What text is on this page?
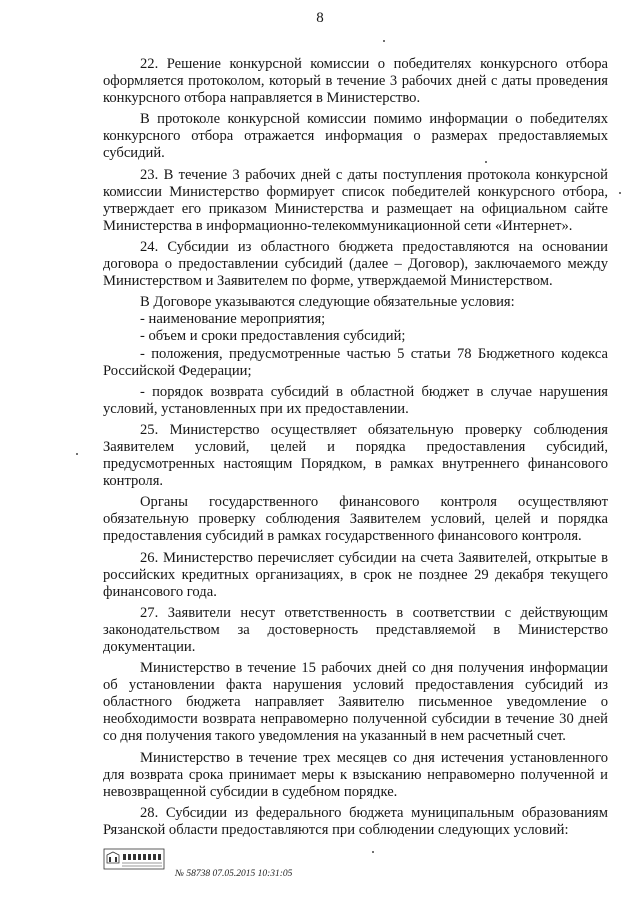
8

22. Решение конкурсной комиссии о победителях конкурсного отбора оформляется протоколом, который в течение 3 рабочих дней с даты проведения конкурсного отбора направляется в Министерство.

В протоколе конкурсной комиссии помимо информации о победителях конкурсного отбора отражается информация о размерах предоставляемых субсидий.

23. В течение 3 рабочих дней с даты поступления протокола конкурсной комиссии Министерство формирует список победителей конкурсного отбора, утверждает его приказом Министерства и размещает на официальном сайте Министерства в информационно-телекоммуникационной сети «Интернет».

24. Субсидии из областного бюджета предоставляются на основании договора о предоставлении субсидий (далее – Договор), заключаемого между Министерством и Заявителем по форме, утверждаемой Министерством.

В Договоре указываются следующие обязательные условия:

- наименование мероприятия;

- объем и сроки предоставления субсидий;

- положения, предусмотренные частью 5 статьи 78 Бюджетного кодекса Российской Федерации;

- порядок возврата субсидий в областной бюджет в случае нарушения условий, установленных при их предоставлении.

25. Министерство осуществляет обязательную проверку соблюдения Заявителем условий, целей и порядка предоставления субсидий, предусмотренных настоящим Порядком, в рамках внутреннего финансового контроля.

Органы государственного финансового контроля осуществляют обязательную проверку соблюдения Заявителем условий, целей и порядка предоставления субсидий в рамках государственного финансового контроля.

26. Министерство перечисляет субсидии на счета Заявителей, открытые в российских кредитных организациях, в срок не позднее 29 декабря текущего финансового года.

27. Заявители несут ответственность в соответствии с действующим законодательством за достоверность представляемой в Министерство документации.

Министерство в течение 15 рабочих дней со дня получения информации об установлении факта нарушения условий предоставления субсидий из областного бюджета направляет Заявителю письменное уведомление о необходимости возврата неправомерно полученной субсидии в течение 30 дней со дня получения такого уведомления на указанный в нем расчетный счет.

Министерство в течение трех месяцев со дня истечения установленного для возврата срока принимает меры к взысканию неправомерно полученной и невозвращенной субсидии в судебном порядке.

28. Субсидии из федерального бюджета муниципальным образованиям Рязанской области предоставляются при соблюдении следующих условий:

№ 58738 07.05.2015 10:31:05
